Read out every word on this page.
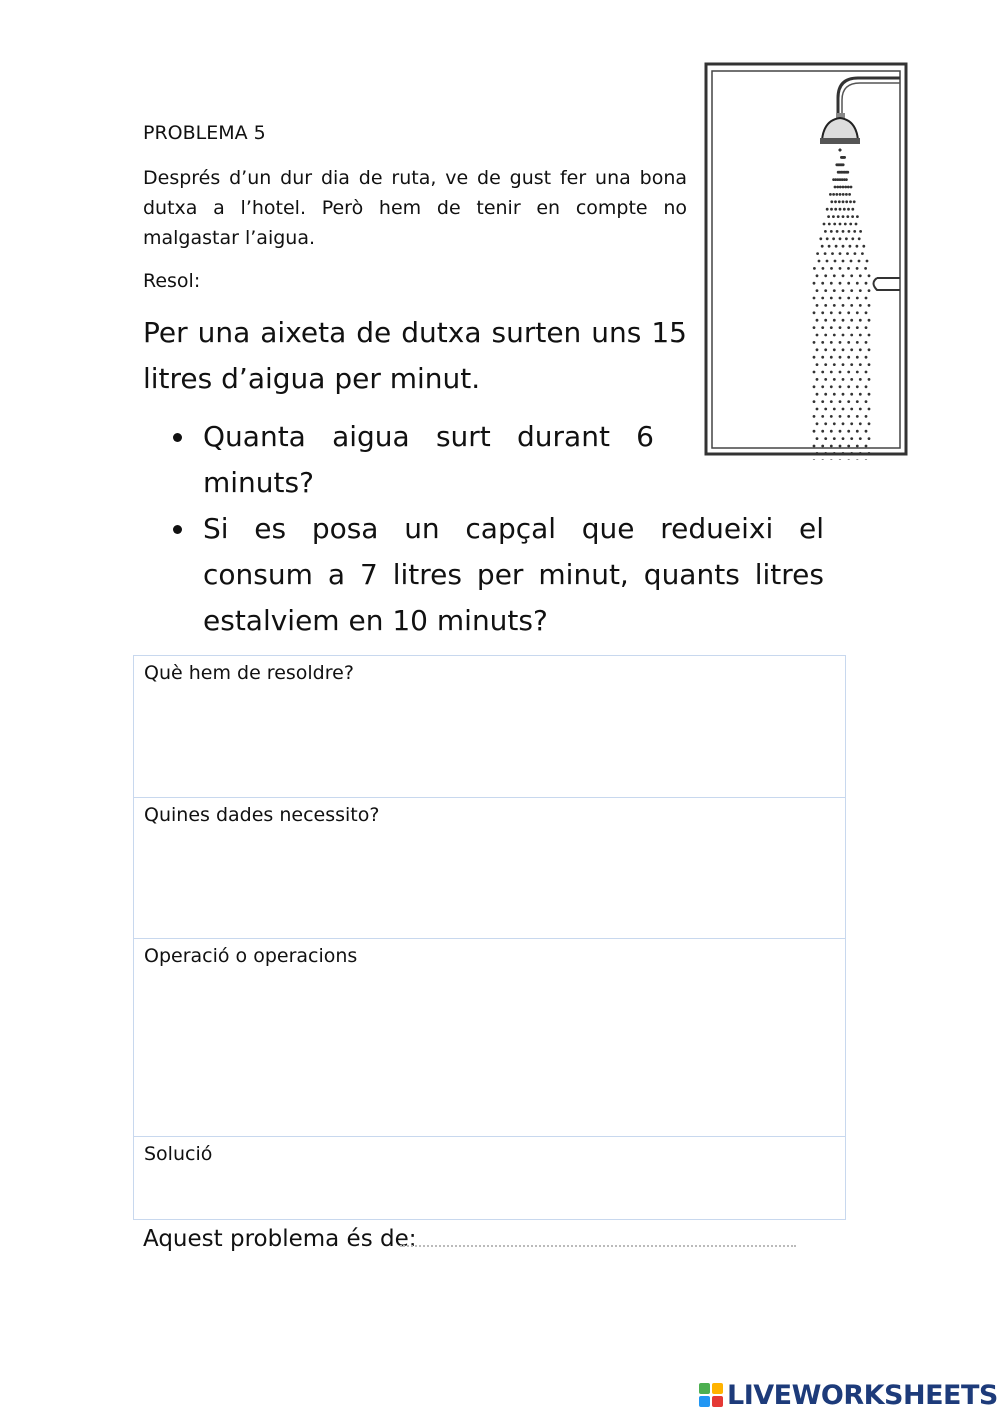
PROBLEMA 5
Després d’un dur dia de ruta, ve de gust fer una bona dutxa a l’hotel. Però hem de tenir en compte no malgastar l’aigua.
Resol:
Per una aixeta de dutxa surten uns 15 litres d’aigua per minut.
Quanta aigua surt durant 6 minuts?
Si es posa un capçal que redueixi el consum a 7 litres per minut, quants litres estalviem en 10 minuts?
Què hem de resoldre?
Quines dades necessito?
Operació o operacions
Solució
Aquest problema és de:
LIVEWORKSHEETS
